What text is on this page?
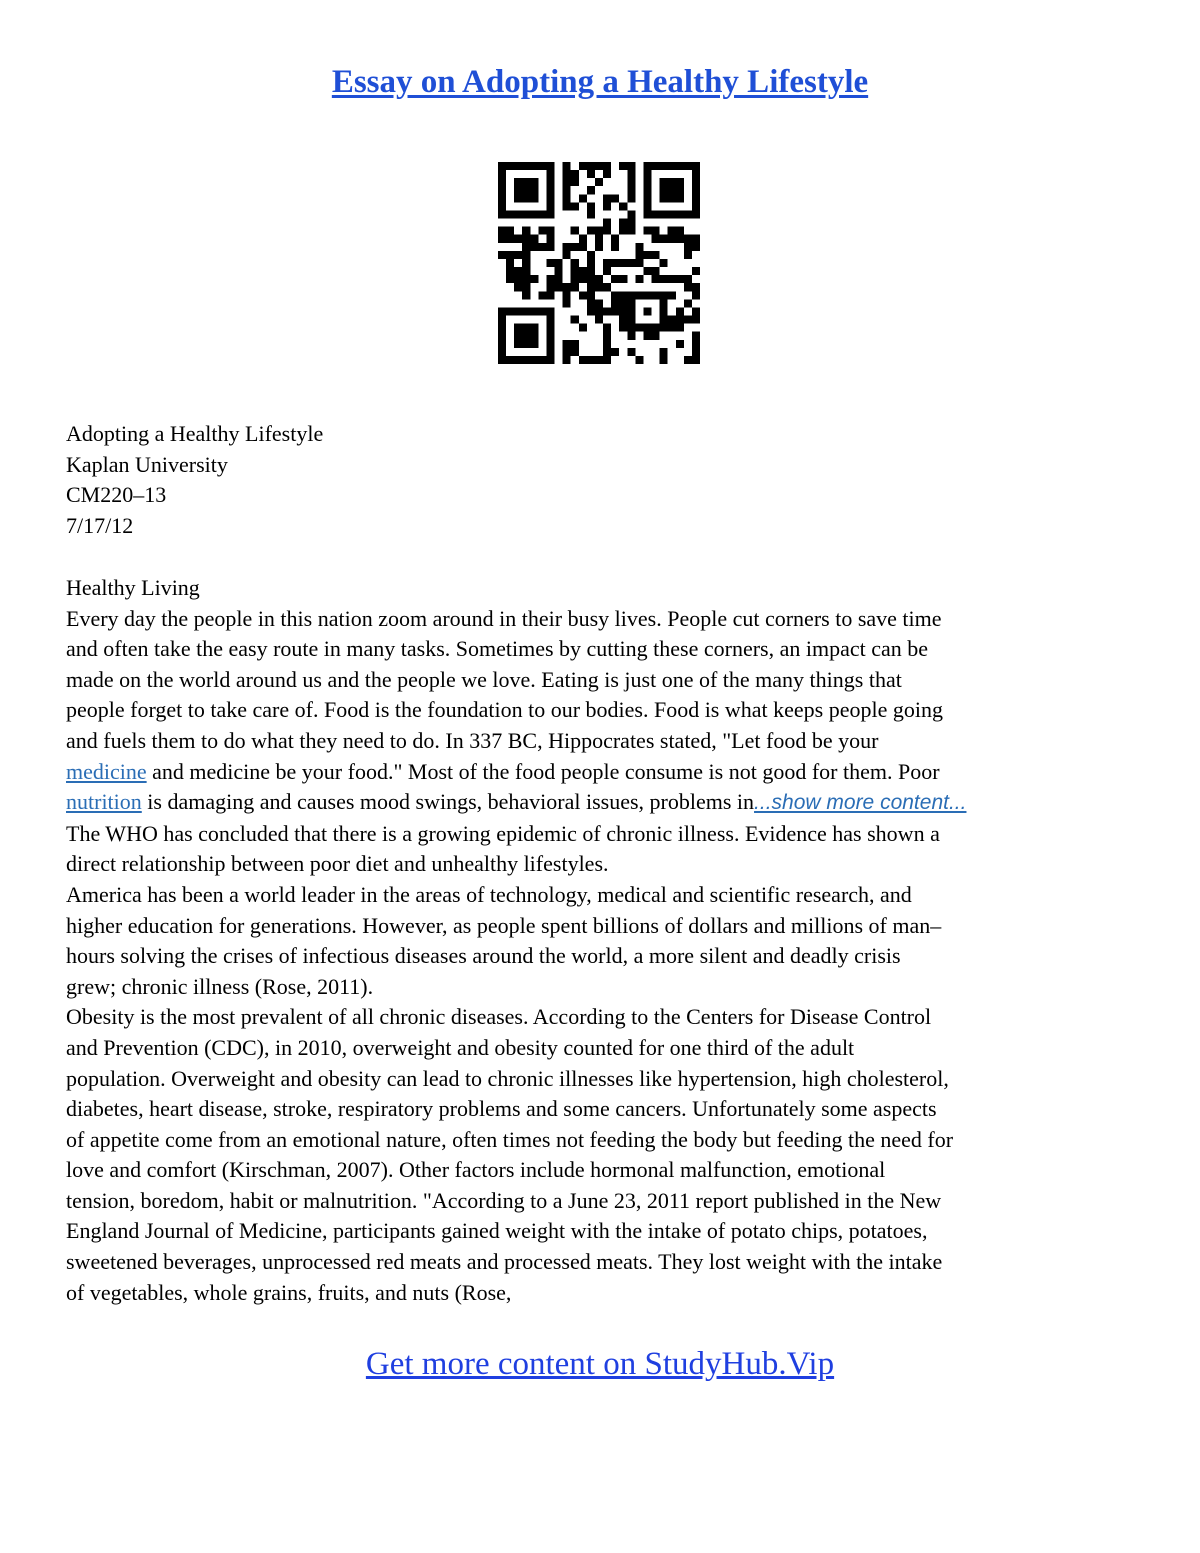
Essay on Adopting a Healthy Lifestyle
Adopting a Healthy Lifestyle
Kaplan University
CM220–13
7/17/12
Healthy Living
Every day the people in this nation zoom around in their busy lives. People cut corners to save time
and often take the easy route in many tasks. Sometimes by cutting these corners, an impact can be
made on the world around us and the people we love. Eating is just one of the many things that
people forget to take care of. Food is the foundation to our bodies. Food is what keeps people going
and fuels them to do what they need to do. In 337 BC, Hippocrates stated, "Let food be your
medicine and medicine be your food." Most of the food people consume is not good for them. Poor
nutrition is damaging and causes mood swings, behavioral issues, problems in...show more content...
The WHO has concluded that there is a growing epidemic of chronic illness. Evidence has shown a
direct relationship between poor diet and unhealthy lifestyles.
America has been a world leader in the areas of technology, medical and scientific research, and
higher education for generations. However, as people spent billions of dollars and millions of man–
hours solving the crises of infectious diseases around the world, a more silent and deadly crisis
grew; chronic illness (Rose, 2011).
Obesity is the most prevalent of all chronic diseases. According to the Centers for Disease Control
and Prevention (CDC), in 2010, overweight and obesity counted for one third of the adult
population. Overweight and obesity can lead to chronic illnesses like hypertension, high cholesterol,
diabetes, heart disease, stroke, respiratory problems and some cancers. Unfortunately some aspects
of appetite come from an emotional nature, often times not feeding the body but feeding the need for
love and comfort (Kirschman, 2007). Other factors include hormonal malfunction, emotional
tension, boredom, habit or malnutrition. "According to a June 23, 2011 report published in the New
England Journal of Medicine, participants gained weight with the intake of potato chips, potatoes,
sweetened beverages, unprocessed red meats and processed meats. They lost weight with the intake
of vegetables, whole grains, fruits, and nuts (Rose,
Get more content on StudyHub.Vip
